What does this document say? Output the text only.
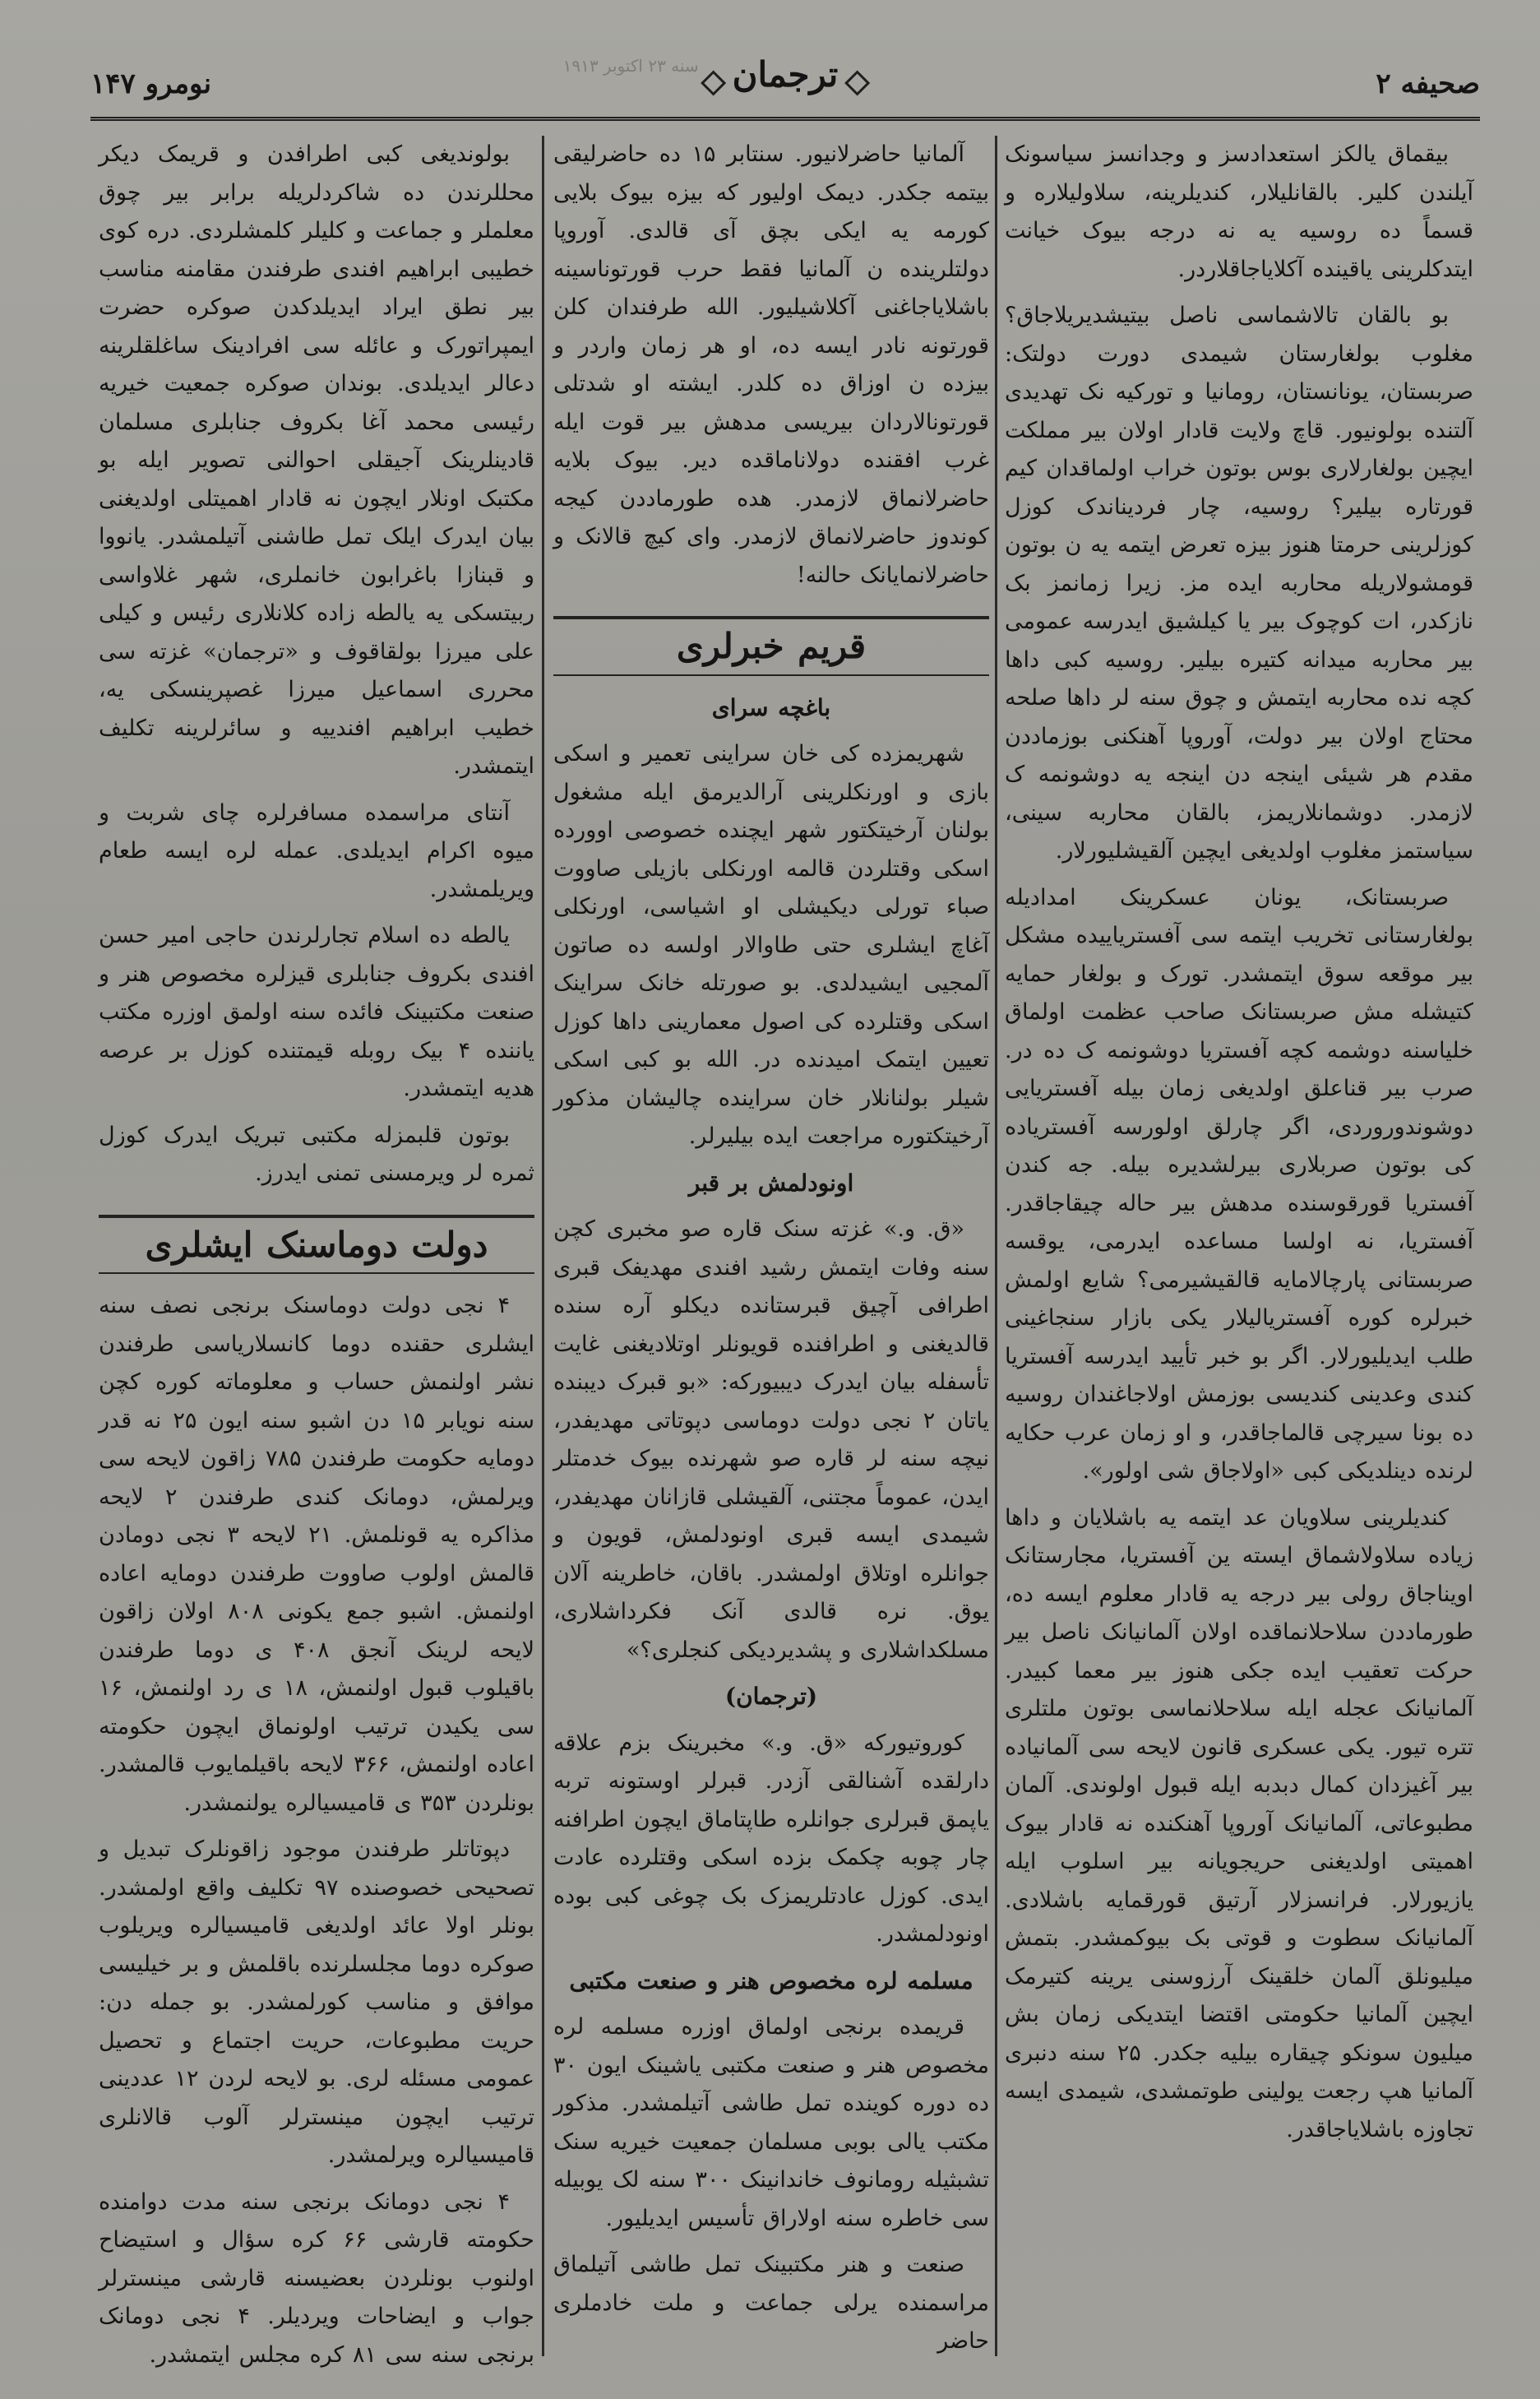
صحیفه ۲
۱۹۱۳ سنه ۲۳ اکتوبر ترجمان
نومرو ۱۴۷

بیقماق یالکز استعدادسز و وجدانسز سیاسونک آیلندن کلیر. بالقانلیلار، کندیلرینه، سلاولیلاره و قسماً ده روسیه یه نه درجه بیوک خیانت ایتدکلرینی یاقینده آکلایاجاقلاردر.

بو بالقان تالاشماسی ناصل بیتیشدیریلاجاق؟ مغلوب بولغارستان شیمدی دورت دولتک: صربستان، یونانستان، رومانیا و تورکیه نک تهدیدی آلتنده بولونیور. قاچ ولایت قادار اولان بیر مملکت ایچین بولغارلاری بوس بوتون خراب اولماقدان کیم قورتاره بیلیر؟ روسیه، چار فردیناندک کوزل کوزلرینی حرمتا هنوز بیزه تعرض ایتمه یه ن بوتون قومشولاریله محاربه ایده مز. زیرا زمانمز بک نازکدر، ات کوچوک بیر یا کیلشیق ایدرسه عمومی بیر محاربه میدانه کتیره بیلیر. روسیه کبی داها کچه نده محاربه ایتمش و چوق سنه لر داها صلحه محتاج اولان بیر دولت، آوروپا آهنکنی بوزماددن مقدم هر شیئی اینجه دن اینجه یه دوشونمه ک لازمدر. دوشمانلاریمز، بالقان محاربه سینی، سیاستمز مغلوب اولدیغی ایچین آلقیشلیورلار.

صربستانک، یونان عسکرینک امدادیله بولغارستانی تخریب ایتمه سی آفستریاییده مشکل بیر موقعه سوق ایتمشدر. تورک و بولغار حمایه کتیشله مش صربستانک صاحب عظمت اولماق خلیاسنه دوشمه کچه آفستریا دوشونمه ک ده در. صرب بیر قناعلق اولدیغی زمان بیله آفستریایی دوشوندوروردی، اگر چارلق اولورسه آفستریاده کی بوتون صربلاری بیرلشدیره بیله. جه کندن آفستریا قورقوسنده مدهش بیر حاله چیقاجاقدر. آفستریا، نه اولسا مساعده ایدرمی، یوقسه صربستانی پارچالامایه قالقیشیرمی؟ شایع اولمش خبرلره کوره آفستریالیلار یکی بازار سنجاغینی طلب ایدیلیورلار. اگر بو خبر تأیید ایدرسه آفستریا کندی وعدینی کندیسی بوزمش اولاجاغندان روسیه ده بونا سیرچی قالماجاقدر، و او زمان عرب حکایه لرنده دینلدیکی کبی «اولاجاق شی اولور».

کندیلرینی سلاویان عد ایتمه یه باشلایان و داها زیاده سلاولاشماق ایسته ین آفستریا، مجارستانک اویناجاق رولی بیر درجه یه قادار معلوم ایسه ده، طورماددن سلاحلانماقده اولان آلمانیانک ناصل بیر حرکت تعقیب ایده جکی هنوز بیر معما کبیدر. آلمانیانک عجله ایله سلاحلانماسی بوتون ملتلری تتره تیور. یکی عسکری قانون لایحه سی آلمانیاده بیر آغیزدان کمال دبدبه ایله قبول اولوندی. آلمان مطبوعاتی، آلمانیانک آوروپا آهنکنده نه قادار بیوک اهمیتی اولدیغنی حریجویانه بیر اسلوب ایله یازیورلار. فرانسزلار آرتیق قورقمایه باشلادی. آلمانیانک سطوت و قوتی بک بیوکمشدر. بتمش میلیونلق آلمان خلقینک آرزوسنی یرینه کتیرمک ایچین آلمانیا حکومتی اقتضا ایتدیکی زمان بش میلیون سونکو چیقاره بیلیه جکدر. ۲۵ سنه دنبری آلمانیا هپ رجعت یولینی طوتمشدی، شیمدی ایسه تجاوزه باشلایاجاقدر.

آلمانیا حاضرلانیور. سنتابر ۱۵ ده حاضرلیقی بیتمه جکدر. دیمک اولیور که بیزه بیوک بلایی کورمه یه ایکی بچق آی قالدی. آوروپا دولتلرینده ن آلمانیا فقط حرب قورتوناسینه باشلایاجاغنی آکلاشیلیور. الله طرفندان کلن قورتونه نادر ایسه ده، او هر زمان واردر و بیزده ن اوزاق ده کلدر. ایشته او شدتلی قورتونالاردان بیریسی مدهش بیر قوت ایله غرب افقنده دولاناماقده دیر. بیوک بلایه حاضرلانماق لازمدر. هده طورماددن کیجه کوندوز حاضرلانماق لازمدر. وای کیچ قالانک و حاضرلانمایانک حالنه!

قریم خبرلری
باغچه سرای

شهریمزده کی خان سراینی تعمیر و اسکی بازی و اورنکلرینی آرالدیرمق ایله مشغول بولنان آرخیتکتور شهر ایچنده خصوصی اوورده اسکی وقتلردن قالمه اورنکلی بازیلی صاووت صباء تورلی دیکیشلی او اشیاسی، اورنکلی آغاچ ایشلری حتی طاوالار اولسه ده صاتون آلمجیی ایشیدلدی. بو صورتله خانک سراینک اسکی وقتلرده کی اصول معمارینی داها کوزل تعیین ایتمک امیدنده در. الله بو کبی اسکی شیلر بولنانلار خان سراینده چالیشان مذکور آرخیتکتوره مراجعت ایده بیلیرلر.

اونودلمش بر قبر

«ق. و.» غزته سنک قاره صو مخبری کچن سنه وفات ایتمش رشید افندی مهدیفک قبری اطرافی آچیق قبرستانده دیکلو آره سنده قالدیغنی و اطرافنده قویونلر اوتلادیغنی غایت تأسفله بیان ایدرک دیبیورکه: «بو قبرک دیبنده یاتان ۲ نجی دولت دوماسی دپوتاتی مهدیفدر، نیچه سنه لر قاره صو شهرنده بیوک خدمتلر ایدن، عموماً مجتنی، آلقیشلی قازانان مهدیفدر، شیمدی ایسه قبری اونودلمش، قویون و جوانلره اوتلاق اولمشدر. باقان، خاطرینه آلان یوق. نره قالدی آنک فکرداشلاری، مسلکداشلاری و پشدیردیکی کنجلری؟»

(ترجمان)

کوروتیورکه «ق. و.» مخبرینک بزم علاقه دارلقده آشنالقی آزدر. قبرلر اوستونه تربه یاپمق قبرلری جوانلره طاپتاماق ایچون اطرافنه چار چوبه چکمک بزده اسکی وقتلرده عادت ایدی. کوزل عادتلریمزک بک چوغی کبی بوده اونودلمشدر.

مسلمه لره مخصوص هنر و صنعت مکتبی

قریمده برنجی اولماق اوزره مسلمه لره مخصوص هنر و صنعت مکتبی یاشینک ایون ۳۰ ده دوره کوینده تمل طاشی آتیلمشدر. مذکور مکتب یالی بوبی مسلمان جمعیت خیریه سنک تشبثیله رومانوف خاندانینک ۳۰۰ سنه لک یوبیله سی خاطره سنه اولاراق تأسیس ایدیلیور.

صنعت و هنر مکتبینک تمل طاشی آتیلماق مراسمنده یرلی جماعت و ملت خادملری حاضر

بولوندیغی کبی اطرافدن و قریمک دیکر محللرندن ده شاکردلریله برابر بیر چوق معلملر و جماعت و کلیلر کلمشلردی. دره کوی خطیبی ابراهیم افندی طرفندن مقامنه مناسب بیر نطق ایراد ایدیلدکدن صوکره حضرت ایمپراتورک و عائله سی افرادینک ساغلقلرینه دعالر ایدیلدی. بوندان صوکره جمعیت خیریه رئیسی محمد آغا بکروف جنابلری مسلمان قادینلرینک آجیقلی احوالنی تصویر ایله بو مکتبک اونلار ایچون نه قادار اهمیتلی اولدیغنی بیان ایدرک ایلک تمل طاشنی آتیلمشدر. یانووا و قبنازا باغرابون خانملری، شهر غلاواسی ربیتسکی یه یالطه زاده کلانلاری رئیس و کیلی علی میرزا بولقاقوف و «ترجمان» غزته سی محرری اسماعیل میرزا غصپرینسکی یه، خطیب ابراهیم افندییه و سائرلرینه تکلیف ایتمشدر.

آنتای مراسمده مسافرلره چای شربت و میوه اکرام ایدیلدی. عمله لره ایسه طعام ویریلمشدر.

یالطه ده اسلام تجارلرندن حاجی امیر حسن افندی بکروف جنابلری قیزلره مخصوص هنر و صنعت مکتبینک فائده سنه اولمق اوزره مکتب یاننده ۴ بیک روبله قیمتنده کوزل بر عرصه هدیه ایتمشدر.

بوتون قلبمزله مکتبی تبریک ایدرک کوزل ثمره لر ویرمسنی تمنی ایدرز.

دولت دوماسنک ایشلری

۴ نجی دولت دوماسنک برنجی نصف سنه ایشلری حقنده دوما کانسلاریاسی طرفندن نشر اولنمش حساب و معلوماته کوره کچن سنه نویابر ۱۵ دن اشبو سنه ایون ۲۵ نه قدر دومایه حکومت طرفندن ۷۸۵ زاقون لایحه سی ویرلمش، دومانک کندی طرفندن ۲ لایحه مذاکره یه قونلمش. ۲۱ لایحه ۳ نجی دومادن قالمش اولوب صاووت طرفندن دومایه اعاده اولنمش. اشبو جمع یکونی ۸۰۸ اولان زاقون لایحه لرینک آنجق ۴۰۸ ی دوما طرفندن باقیلوب قبول اولنمش، ۱۸ ی رد اولنمش، ۱۶ سی یکیدن ترتیب اولونماق ایچون حکومته اعاده اولنمش، ۳۶۶ لایحه باقیلمایوب قالمشدر. بونلردن ۳۵۳ ی قامیسیالره یولنمشدر.

دپوتاتلر طرفندن موجود زاقونلرک تبدیل و تصحیحی خصوصنده ۹۷ تکلیف واقع اولمشدر. بونلر اولا عائد اولدیغی قامیسیالره ویریلوب صوکره دوما مجلسلرنده باقلمش و بر خیلیسی موافق و مناسب کورلمشدر. بو جمله دن: حریت مطبوعات، حریت اجتماع و تحصیل عمومی مسئله لری. بو لایحه لردن ۱۲ عددینی ترتیب ایچون مینسترلر آلوب قالانلری قامیسیالره ویرلمشدر.

۴ نجی دومانک برنجی سنه مدت دوامنده حکومته قارشی ۶۶ کره سؤال و استیضاح اولنوب بونلردن بعضیسنه قارشی مینسترلر جواب و ایضاحات ویردیلر. ۴ نجی دومانک برنجی سنه سی ۸۱ کره مجلس ایتمشدر.
